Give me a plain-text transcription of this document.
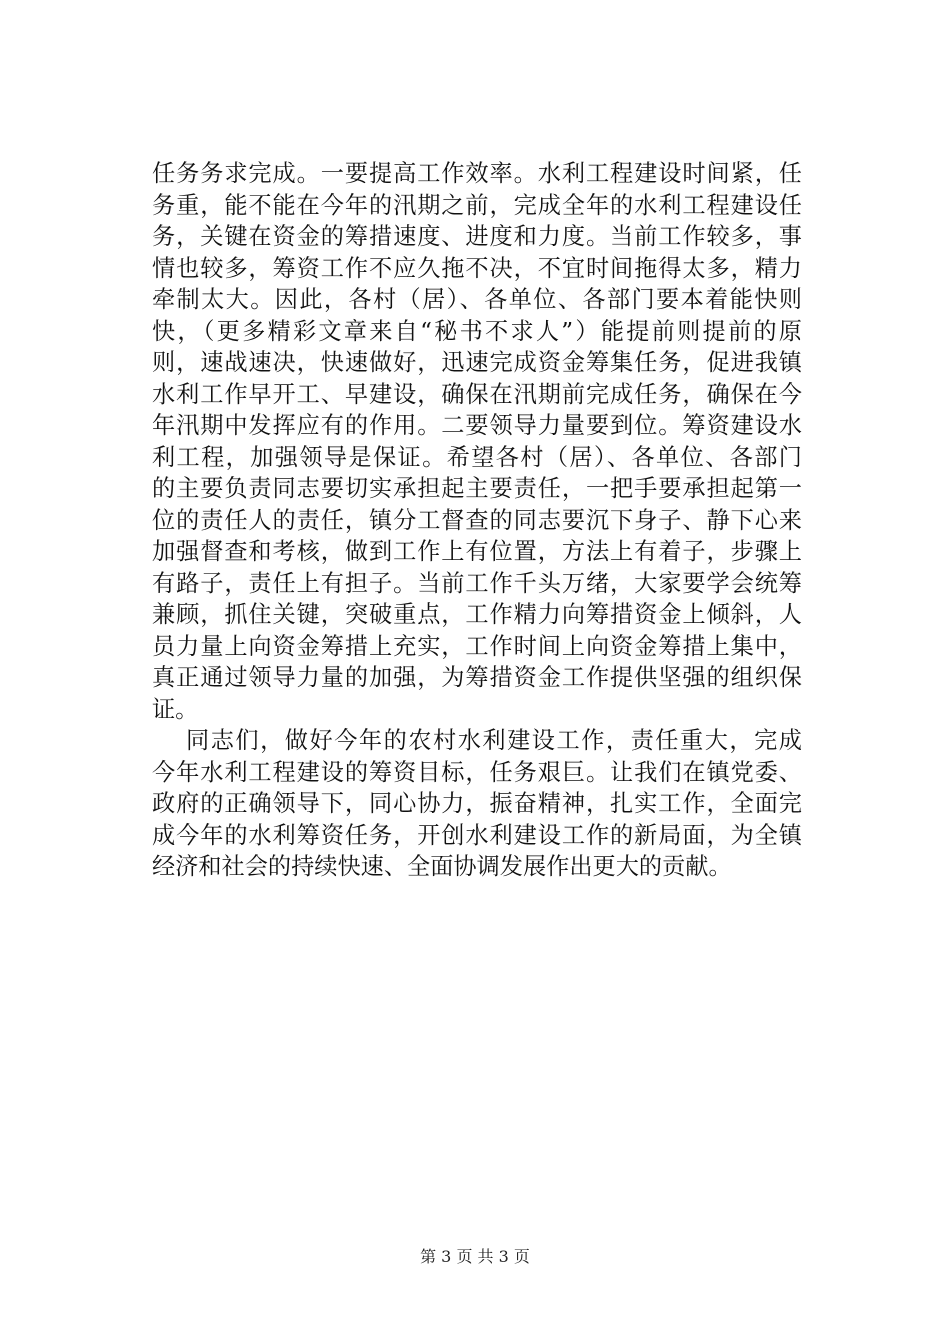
任务务求完成。一要提高工作效率。水利工程建设时间紧，任
务重，能不能在今年的汛期之前，完成全年的水利工程建设任
务，关键在资金的筹措速度、进度和力度。当前工作较多，事
情也较多，筹资工作不应久拖不决，不宜时间拖得太多，精力
牵制太大。因此，各村（居）、各单位、各部门要本着能快则
快，（更多精彩文章来自“秘书不求人”）能提前则提前的原
则，速战速决，快速做好，迅速完成资金筹集任务，促进我镇
水利工作早开工、早建设，确保在汛期前完成任务，确保在今
年汛期中发挥应有的作用。二要领导力量要到位。筹资建设水
利工程，加强领导是保证。希望各村（居）、各单位、各部门
的主要负责同志要切实承担起主要责任，一把手要承担起第一
位的责任人的责任，镇分工督查的同志要沉下身子、静下心来
加强督查和考核，做到工作上有位置，方法上有着子，步骤上
有路子，责任上有担子。当前工作千头万绪，大家要学会统筹
兼顾，抓住关键，突破重点，工作精力向筹措资金上倾斜，人
员力量上向资金筹措上充实，工作时间上向资金筹措上集中，
真正通过领导力量的加强，为筹措资金工作提供坚强的组织保
证。
同志们，做好今年的农村水利建设工作，责任重大，完成
今年水利工程建设的筹资目标，任务艰巨。让我们在镇党委、
政府的正确领导下，同心协力，振奋精神，扎实工作，全面完
成今年的水利筹资任务，开创水利建设工作的新局面，为全镇
经济和社会的持续快速、全面协调发展作出更大的贡献。
第 3 页 共 3 页
